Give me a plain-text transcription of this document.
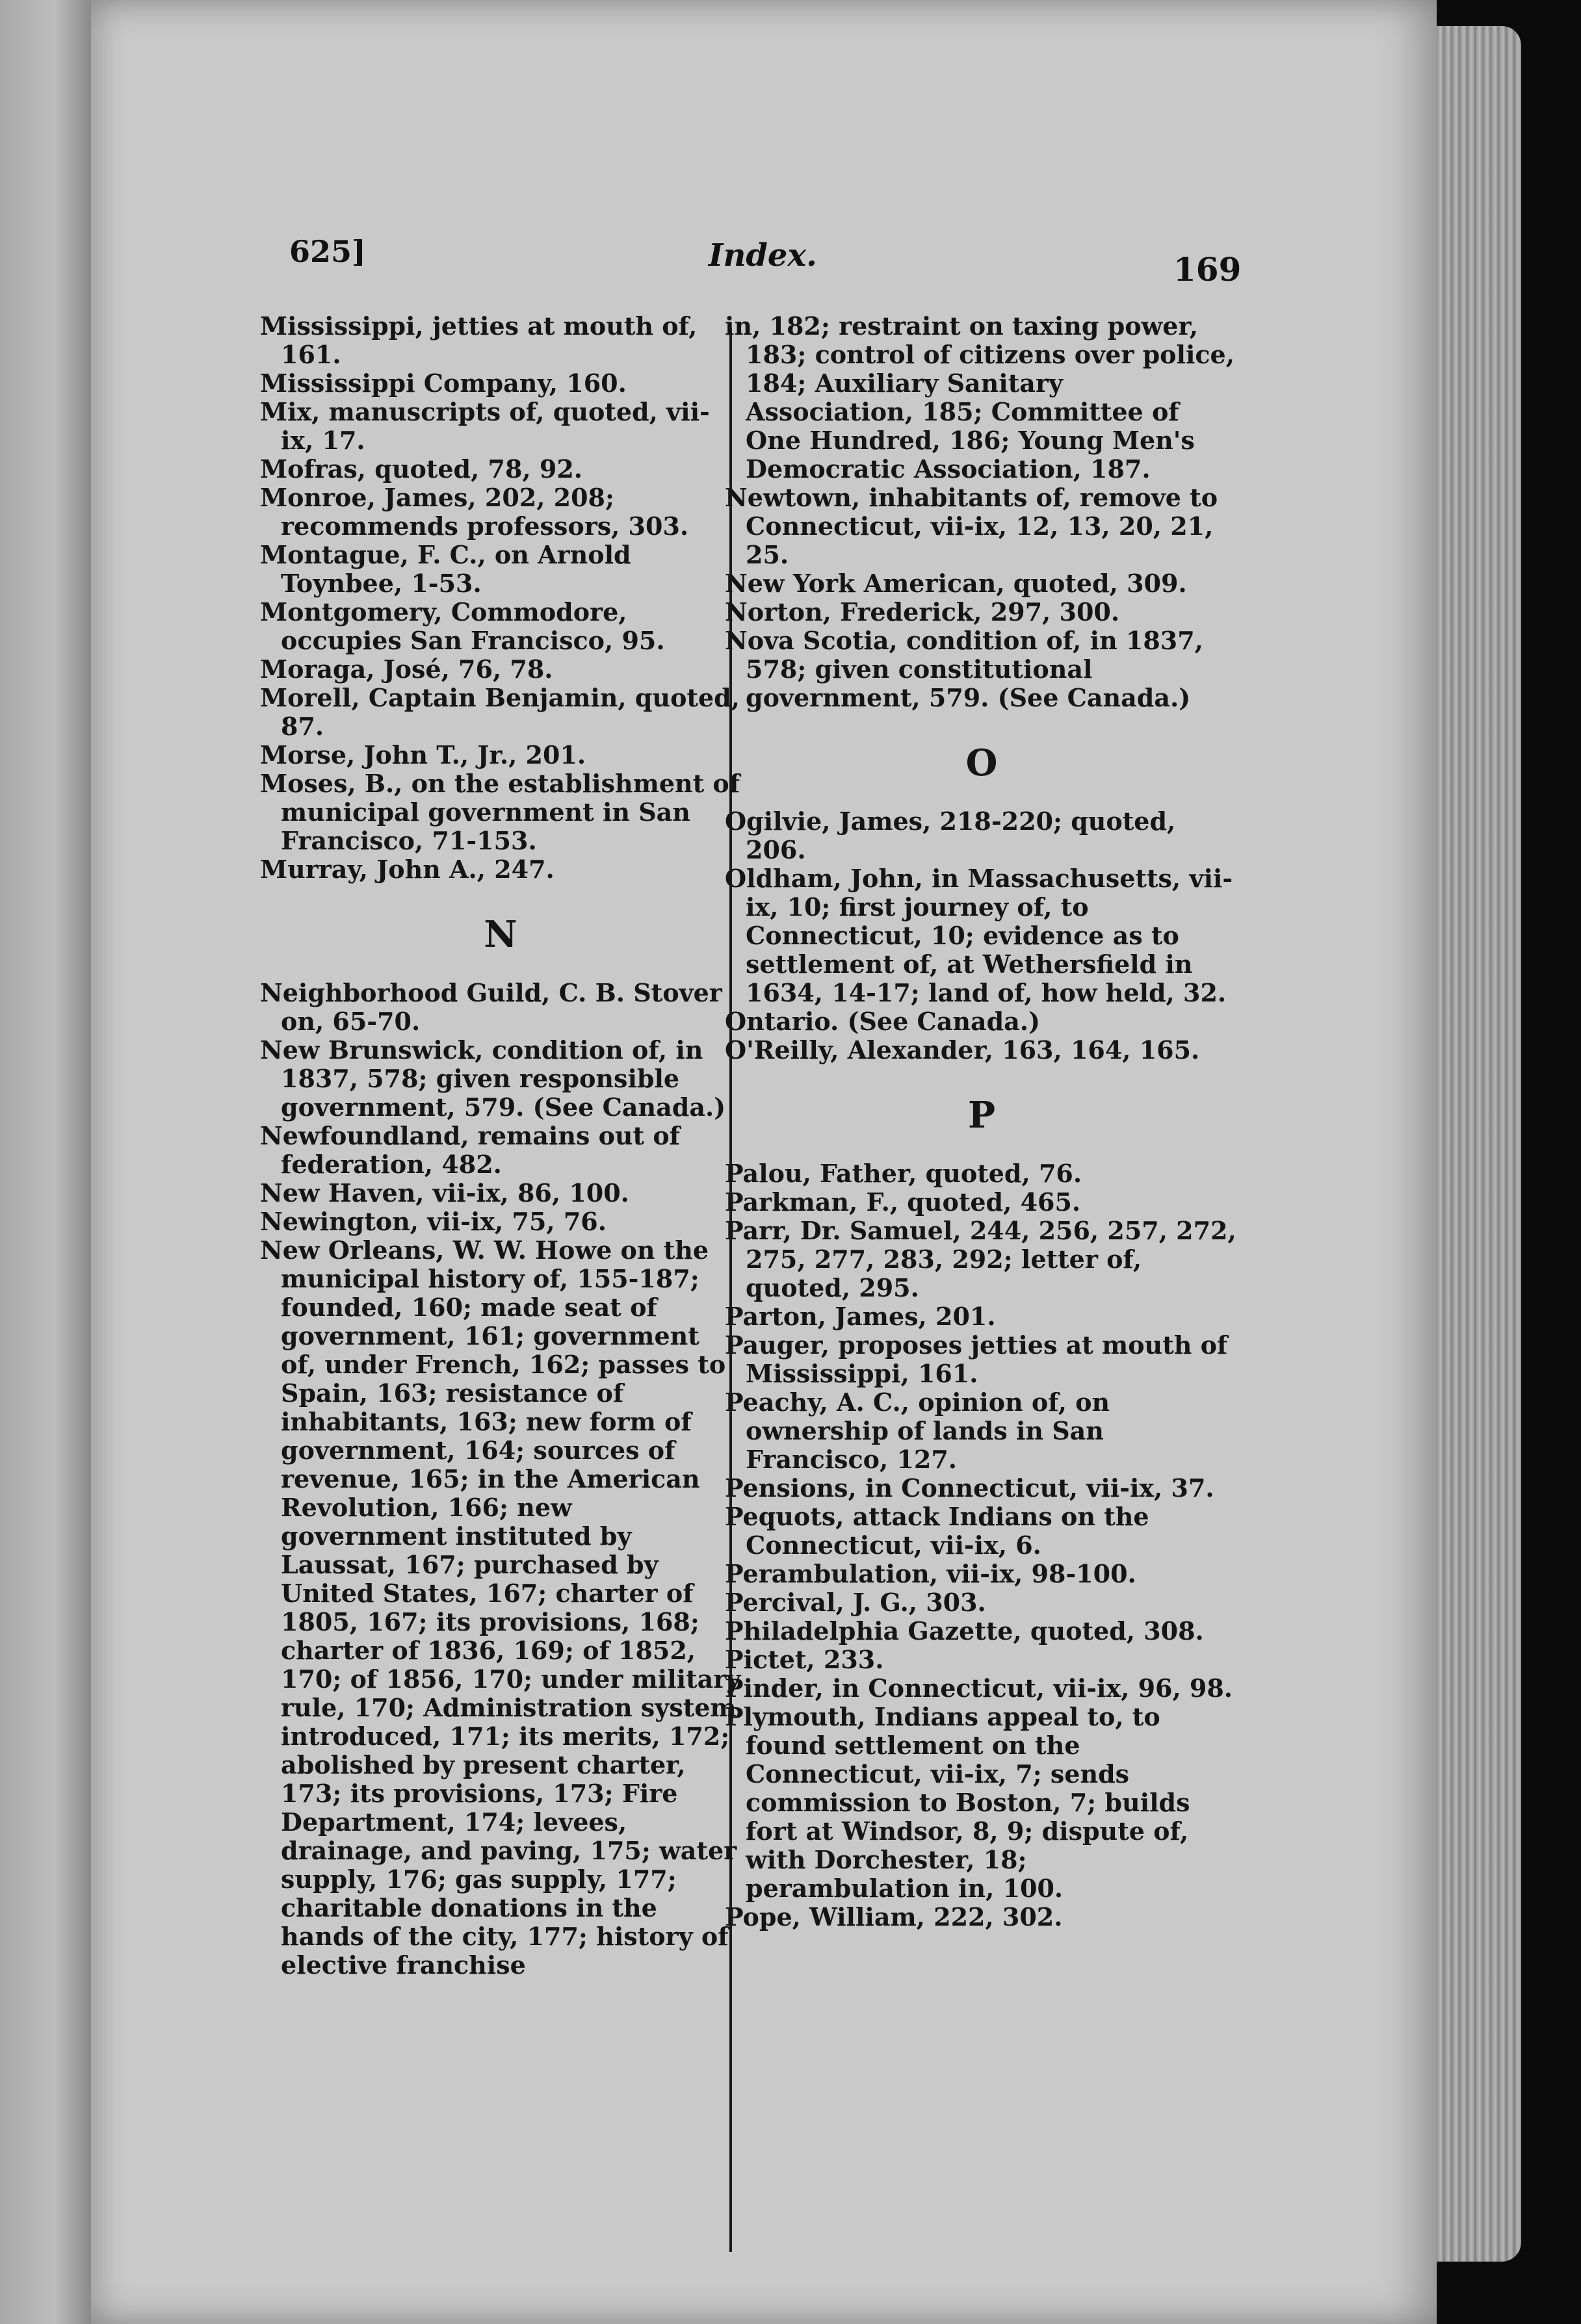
625]	Index.	169

Mississippi, jetties at mouth of, 161.

Mississippi Company, 160.

Mix, manuscripts of, quoted, vii-ix, 17.

Mofras, quoted, 78, 92.

Monroe, James, 202, 208; recommends professors, 303.

Montague, F. C., on Arnold Toynbee, 1-53.

Montgomery, Commodore, occupies San Francisco, 95.

Moraga, José, 76, 78.

Morell, Captain Benjamin, quoted, 87.

Morse, John T., Jr., 201.

Moses, B., on the establishment of municipal government in San Francisco, 71-153.

Murray, John A., 247.

N

Neighborhood Guild, C. B. Stover on, 65-70.

New Brunswick, condition of, in 1837, 578; given responsible government, 579. (See Canada.)

Newfoundland, remains out of federation, 482.

New Haven, vii-ix, 86, 100.

Newington, vii-ix, 75, 76.

New Orleans, W. W. Howe on the municipal history of, 155-187; founded, 160; made seat of government, 161; government of, under French, 162; passes to Spain, 163; resistance of inhabitants, 163; new form of government, 164; sources of revenue, 165; in the American Revolution, 166; new government instituted by Laussat, 167; purchased by United States, 167; charter of 1805, 167; its provisions, 168; charter of 1836, 169; of 1852, 170; of 1856, 170; under military rule, 170; Administration system introduced, 171; its merits, 172; abolished by present charter, 173; its provisions, 173; Fire Department, 174; levees, drainage, and paving, 175; water supply, 176; gas supply, 177; charitable donations in the hands of the city, 177; history of elective franchise

in, 182; restraint on taxing power, 183; control of citizens over police, 184; Auxiliary Sanitary Association, 185; Committee of One Hundred, 186; Young Men's Democratic Association, 187.

Newtown, inhabitants of, remove to Connecticut, vii-ix, 12, 13, 20, 21, 25.

New York American, quoted, 309.

Norton, Frederick, 297, 300.

Nova Scotia, condition of, in 1837, 578; given constitutional government, 579. (See Canada.)

O

Ogilvie, James, 218-220; quoted, 206.

Oldham, John, in Massachusetts, vii-ix, 10; first journey of, to Connecticut, 10; evidence as to settlement of, at Wethersfield in 1634, 14-17; land of, how held, 32.

Ontario. (See Canada.)

O'Reilly, Alexander, 163, 164, 165.

P

Palou, Father, quoted, 76.

Parkman, F., quoted, 465.

Parr, Dr. Samuel, 244, 256, 257, 272, 275, 277, 283, 292; letter of, quoted, 295.

Parton, James, 201.

Pauger, proposes jetties at mouth of Mississippi, 161.

Peachy, A. C., opinion of, on ownership of lands in San Francisco, 127.

Pensions, in Connecticut, vii-ix, 37.

Pequots, attack Indians on the Connecticut, vii-ix, 6.

Perambulation, vii-ix, 98-100.

Percival, J. G., 303.

Philadelphia Gazette, quoted, 308.

Pictet, 233.

Pinder, in Connecticut, vii-ix, 96, 98.

Plymouth, Indians appeal to, to found settlement on the Connecticut, vii-ix, 7; sends commission to Boston, 7; builds fort at Windsor, 8, 9; dispute of, with Dorchester, 18; perambulation in, 100.

Pope, William, 222, 302.
